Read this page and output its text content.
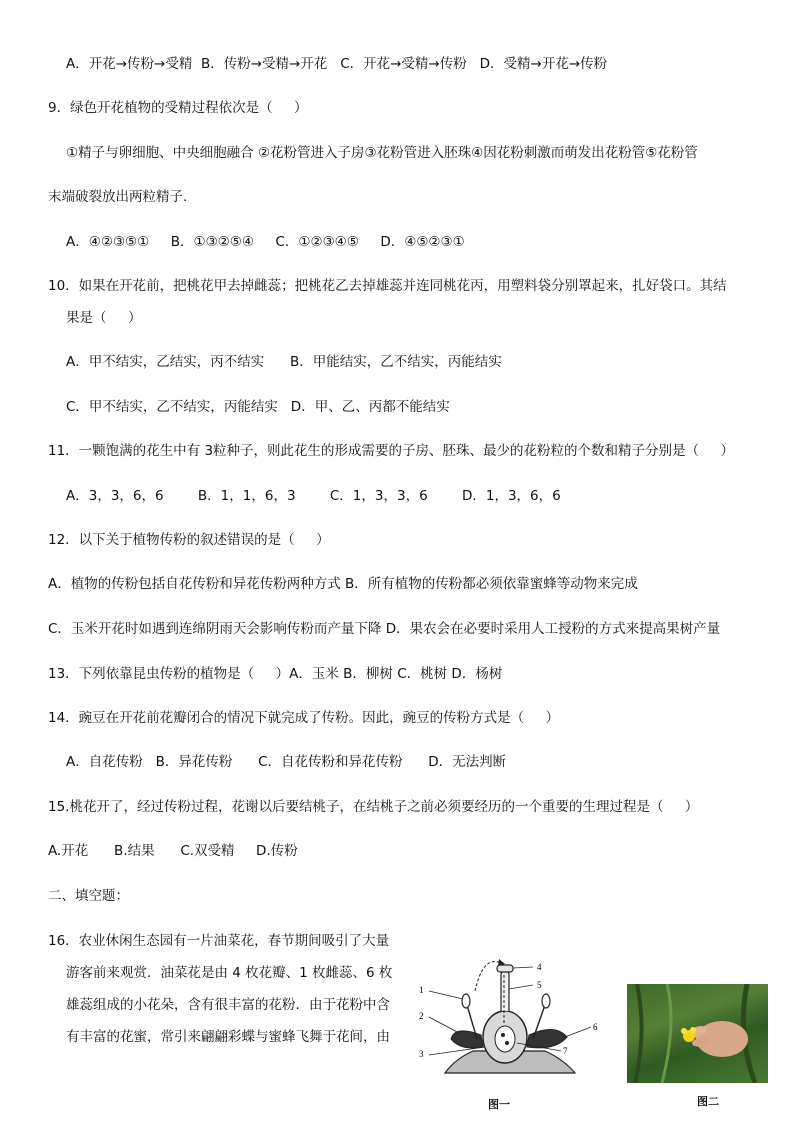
A．开花→传粉→受精  B．传粉→受精→开花   C．开花→受精→传粉   D．受精→开花→传粉
9．绿色开花植物的受精过程依次是（     ）
①精子与卵细胞、中央细胞融合 ②花粉管进入子房③花粉管进入胚珠④因花粉刺激而萌发出花粉管⑤花粉管
末端破裂放出两粒精子.
A．④②③⑤①     B．①③②⑤④     C．①②③④⑤     D．④⑤②③①
10．如果在开花前，把桃花甲去掉雌蕊；把桃花乙去掉雄蕊并连同桃花丙，用塑料袋分别罩起来，扎好袋口。其结
果是（     ）
A．甲不结实，乙结实，丙不结实      B．甲能结实，乙不结实，丙能结实
C．甲不结实，乙不结实，丙能结实   D．甲、乙、丙都不能结实
11．一颗饱满的花生中有 3粒种子，则此花生的形成需要的子房、胚珠、最少的花粉粒的个数和精子分别是（     ）
A．3，3，6，6        B．1，1，6，3        C．1，3，3，6        D．1，3，6，6
12．以下关于植物传粉的叙述错误的是（     ）
A．植物的传粉包括自花传粉和异花传粉两种方式 B．所有植物的传粉都必须依靠蜜蜂等动物来完成
C．玉米开花时如遇到连绵阴雨天会影响传粉而产量下降 D．果农会在必要时采用人工授粉的方式来提高果树产量
13．下列依靠昆虫传粉的植物是（     ）A．玉米 B．柳树 C．桃树 D．杨树
14．豌豆在开花前花瓣闭合的情况下就完成了传粉。因此，豌豆的传粉方式是（     ）
A．自花传粉   B．异花传粉      C．自花传粉和异花传粉      D．无法判断
15.桃花开了，经过传粉过程，花谢以后要结桃子，在结桃子之前必须要经历的一个重要的生理过程是（     ）
A.开花      B.结果      C.双受精     D.传粉
二、填空题：
16．农业休闲生态园有一片油菜花，春节期间吸引了大量
游客前来观赏．油菜花是由 4 枚花瓣、1 枚雌蕊、6 枚
雄蕊组成的小花朵，含有很丰富的花粉．由于花粉中含
有丰富的花蜜，常引来翩翩彩蝶与蜜蜂飞舞于花间，由
1
2
3
4
5
6
7
图一	图二
